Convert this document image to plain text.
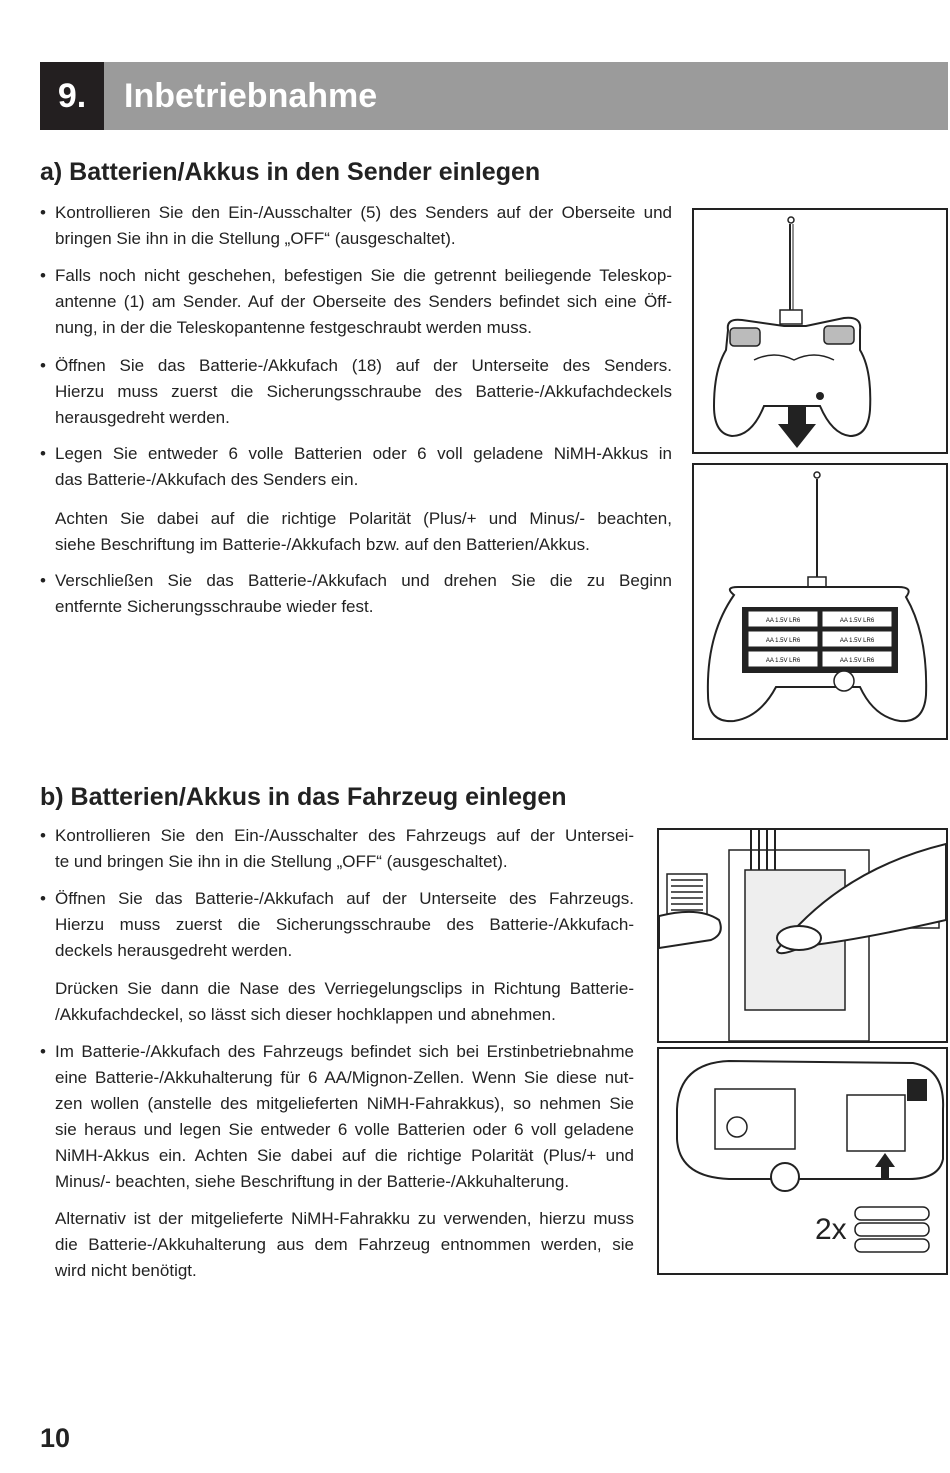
9.	Inbetriebnahme
a) Batterien/Akkus in den Sender einlegen
• Kontrollieren Sie den Ein-/Ausschalter (5) des Senders auf der Oberseite und
bringen Sie ihn in die Stellung „OFF“ (ausgeschaltet).
• Falls noch nicht geschehen, befestigen Sie die getrennt beiliegende Teleskop-
antenne (1) am Sender. Auf der Oberseite des Senders befindet sich eine Öff-
nung, in der die Teleskopantenne festgeschraubt werden muss.
• Öffnen Sie das Batterie-/Akkufach (18) auf der Unterseite des Senders.
Hierzu muss zuerst die Sicherungsschraube des Batterie-/Akkufachdeckels
herausgedreht werden.
• Legen Sie entweder 6 volle Batterien oder 6 voll geladene NiMH-Akkus in
das Batterie-/Akkufach des Senders ein.
Achten Sie dabei auf die richtige Polarität (Plus/+ und Minus/- beachten,
siehe Beschriftung im Batterie-/Akkufach bzw. auf den Batterien/Akkus.
• Verschließen Sie das Batterie-/Akkufach und drehen Sie die zu Beginn
entfernte Sicherungsschraube wieder fest.
AA 1.5V LR6	AA 1.5V LR6
AA 1.5V LR6	AA 1.5V LR6
AA 1.5V LR6	AA 1.5V LR6
b) Batterien/Akkus in das Fahrzeug einlegen
• Kontrollieren Sie den Ein-/Ausschalter des Fahrzeugs auf der Untersei-
te und bringen Sie ihn in die Stellung „OFF“ (ausgeschaltet).
• Öffnen Sie das Batterie-/Akkufach auf der Unterseite des Fahrzeugs.
Hierzu muss zuerst die Sicherungsschraube des Batterie-/Akkufach-
deckels herausgedreht werden.
Drücken Sie dann die Nase des Verriegelungsclips in Richtung Batterie-
/Akkufachdeckel, so lässt sich dieser hochklappen und abnehmen.
• Im Batterie-/Akkufach des Fahrzeugs befindet sich bei Erstinbetriebnahme
eine Batterie-/Akkuhalterung für 6 AA/Mignon-Zellen. Wenn Sie diese nut-
zen wollen (anstelle des mitgelieferten NiMH-Fahrakkus), so nehmen Sie
sie heraus und legen Sie entweder 6 volle Batterien oder 6 voll geladene
NiMH-Akkus ein. Achten Sie dabei auf die richtige Polarität (Plus/+ und
Minus/- beachten, siehe Beschriftung in der Batterie-/Akkuhalterung.
Alternativ ist der mitgelieferte NiMH-Fahrakku zu verwenden, hierzu muss
die Batterie-/Akkuhalterung aus dem Fahrzeug entnommen werden, sie
wird nicht benötigt.
2x
10
